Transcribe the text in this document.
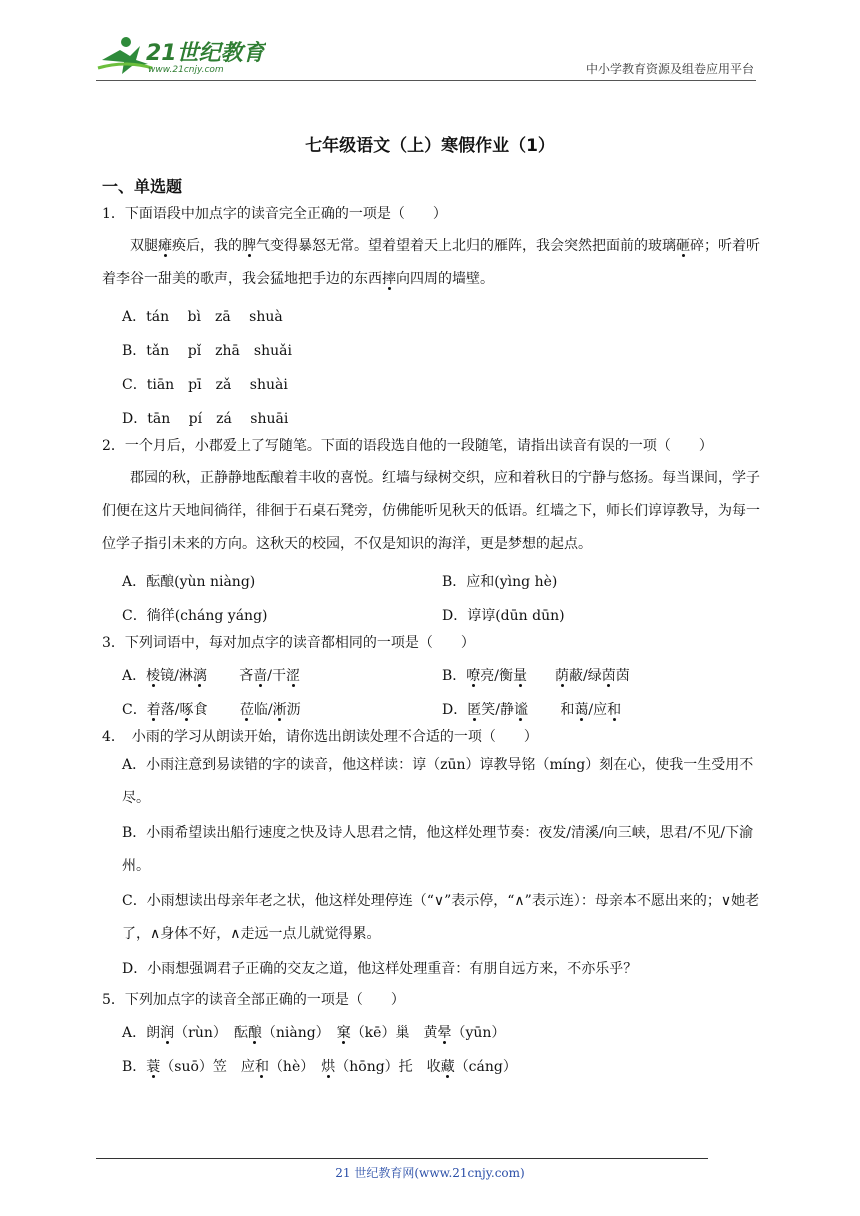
21世纪教育
www.21cnjy.com	中小学教育资源及组卷应用平台
七年级语文（上）寒假作业（1）
一、单选题
1．下面语段中加点字的读音完全正确的一项是（　　）

双腿瘫痪后，我的脾气变得暴怒无常。望着望着天上北归的雁阵，我会突然把面前的玻璃砸碎；听着听着李谷一甜美的歌声，我会猛地把手边的东西摔向四周的墙壁。

A．tán　 bì　zā　 shuà
B．tǎn　 pǐ　zhā　shuǎi
C．tiān　pī　zǎ　 shuài
D．tān　 pí　zá　 shuāi
2．一个月后，小郡爱上了写随笔。下面的语段选自他的一段随笔，请指出读音有误的一项（　　）

郡园的秋，正静静地酝酿着丰收的喜悦。红墙与绿树交织，应和着秋日的宁静与悠扬。每当课间，学子们便在这片天地间徜徉，徘徊于石桌石凳旁，仿佛能听见秋天的低语。红墙之下，师长们谆谆教导，为每一位学子指引未来的方向。这秋天的校园，不仅是知识的海洋，更是梦想的起点。

A．酝酿(yùn niàng)	B．应和(yìng hè)
C．徜徉(cháng yáng)	D．谆谆(dūn dūn)
3．下列词语中，每对加点字的读音都相同的一项是（　　）
A．棱镜/淋漓　　 吝啬/干涩	B．嘹亮/衡量　　 荫蔽/绿茵茵
C．着落/啄食　　 莅临/淅沥	D．匿笑/静谧　　 和蔼/应和
4．　小雨的学习从朗读开始，请你选出朗读处理不合适的一项（　　）
A．小雨注意到易读错的字的读音，他这样读：谆（zūn）谆教导铭（míng）刻在心，使我一生受用不尽。
B．小雨希望读出船行速度之快及诗人思君之情，他这样处理节奏：夜发/清溪/向三峡，思君/不见/下渝州。
C．小雨想读出母亲年老之状，他这样处理停连（“∨”表示停，“∧”表示连）：母亲本不愿出来的；∨她老了，∧身体不好，∧走远一点儿就觉得累。
D．小雨想强调君子正确的交友之道，他这样处理重音：有朋自远方来，不亦乐乎？
5．下列加点字的读音全部正确的一项是（　　）
A．朗润（rùn）　酝酿（niàng）　窠（kē）巢　黄晕（yūn）
B．蓑（suō）笠　应和（hè）　烘（hōng）托　收藏（cáng）
21 世纪教育网(www.21cnjy.com)
